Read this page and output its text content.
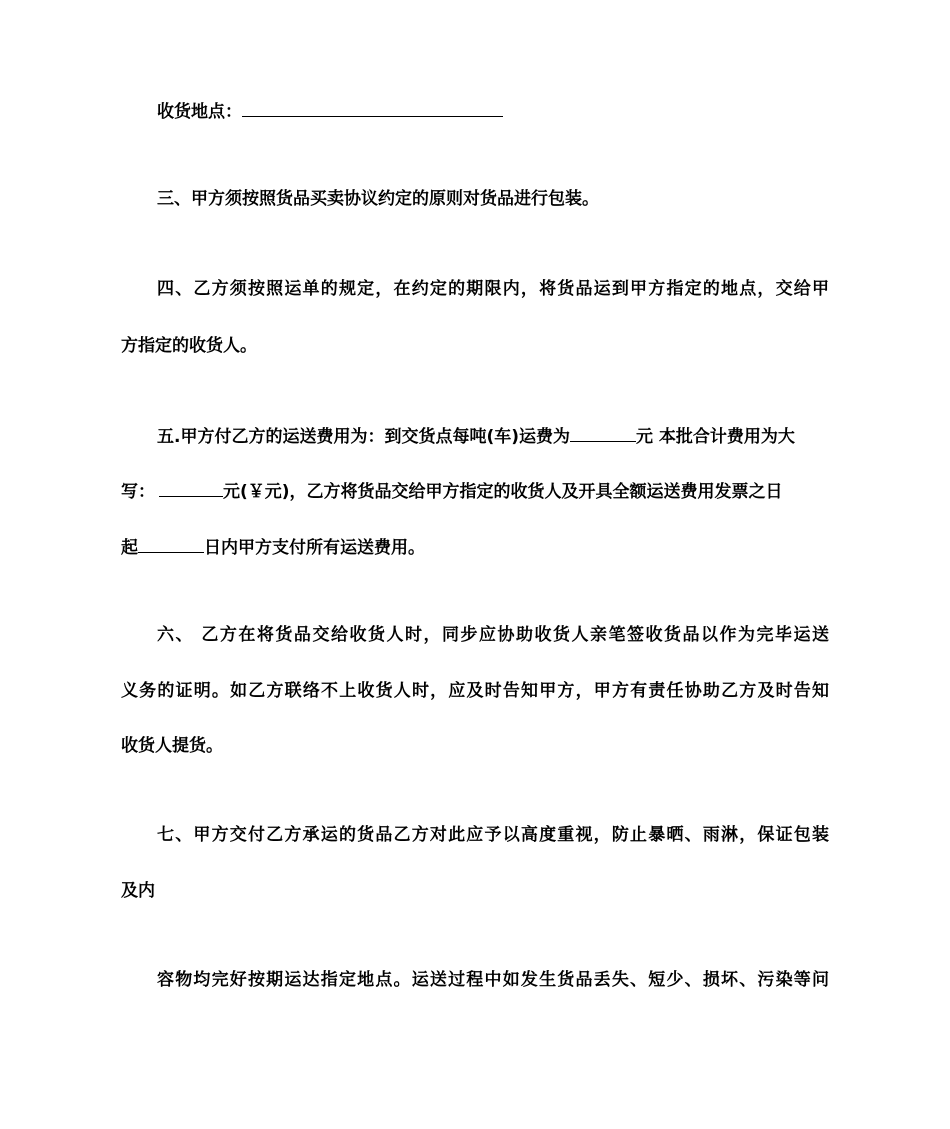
收货地点：
三、甲方须按照货品买卖协议约定的原则对货品进行包装。
四、乙方须按照运单的规定，在约定的期限内，将货品运到甲方指定的地点，交给甲
方指定的收货人。
五.甲方付乙方的运送费用为：到交货点每吨(车)运费为	元 本批合计费用为大
写：	元(￥元)，乙方将货品交给甲方指定的收货人及开具全额运送费用发票之日
起	日内甲方支付所有运送费用。
六、 乙方在将货品交给收货人时，同步应协助收货人亲笔签收货品以作为完毕运送
义务的证明。如乙方联络不上收货人时，应及时告知甲方，甲方有责任协助乙方及时告知
收货人提货。
七、甲方交付乙方承运的货品乙方对此应予以高度重视，防止暴晒、雨淋，保证包装
及内
容物均完好按期运达指定地点。运送过程中如发生货品丢失、短少、损坏、污染等问
